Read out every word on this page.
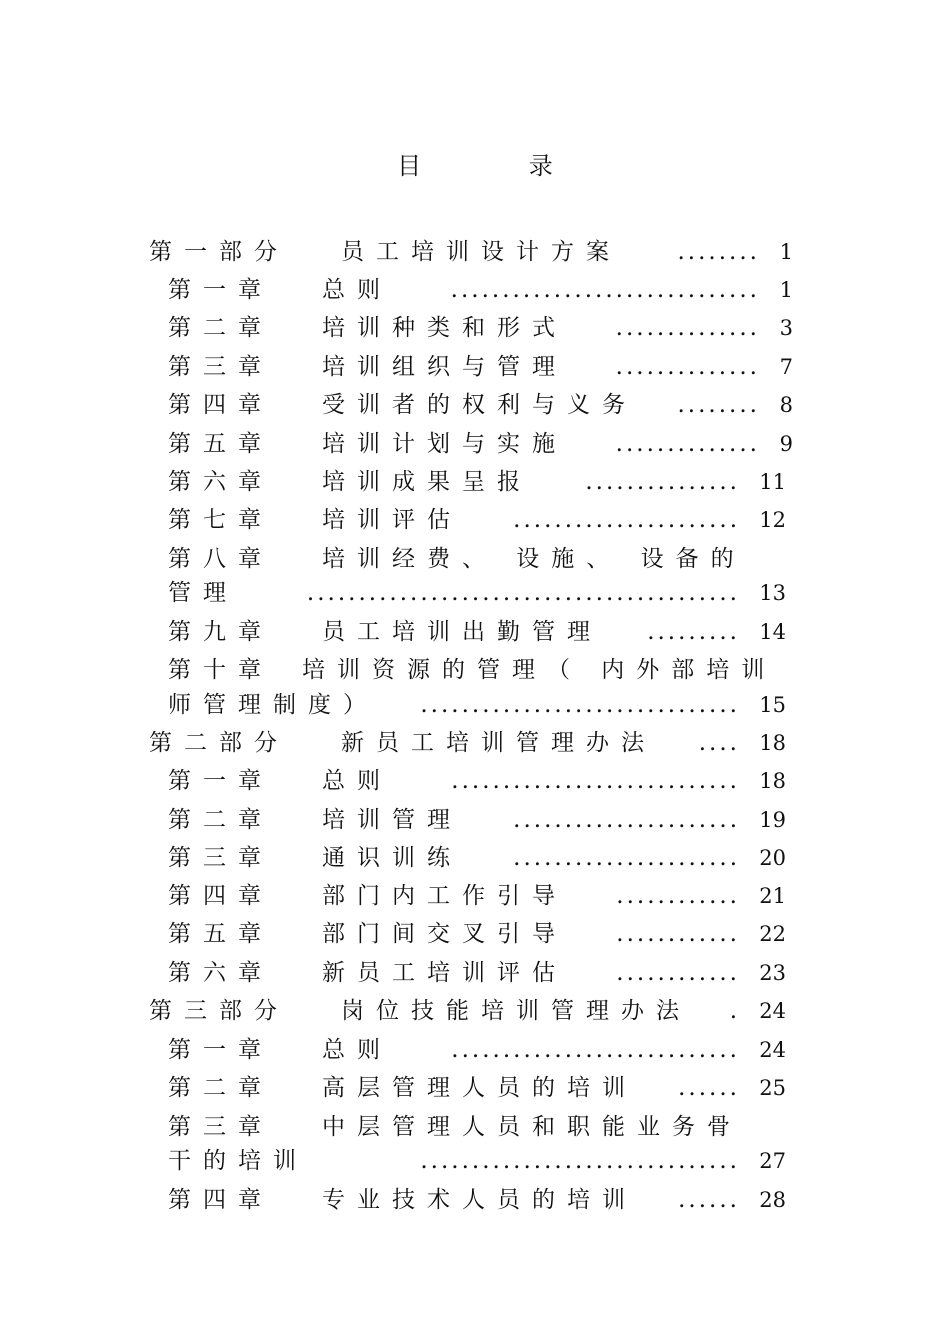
目 录
第一部分 员工培训设计方案	1
........
第一章 总则	1
..............................
第二章 培训种类和形式	3
..............
第三章 培训组织与管理	7
..............
第四章 受训者的权利与义务	8
........
第五章 培训计划与实施	9
..............
第六章 培训成果呈报	11
...............
第七章 培训评估	12
......................
第八章 培训经费、 设施、 设备的
管理	13
..........................................
第九章 员工培训出勤管理	14
.........
第十章 培训资源的管理（ 内外部培训
师管理制度）	15
...............................
第二部分 新员工培训管理办法	18
....
第一章 总则	18
............................
第二章 培训管理	19
......................
第三章 通识训练	20
......................
第四章 部门内工作引导	21
............
第五章 部门间交叉引导	22
............
第六章 新员工培训评估	23
............
第三部分 岗位技能培训管理办法	24
.
第一章 总则	24
............................
第二章 高层管理人员的培训	25
......
第三章 中层管理人员和职能业务骨
干的培训	27
...............................
第四章 专业技术人员的培训	28
......
